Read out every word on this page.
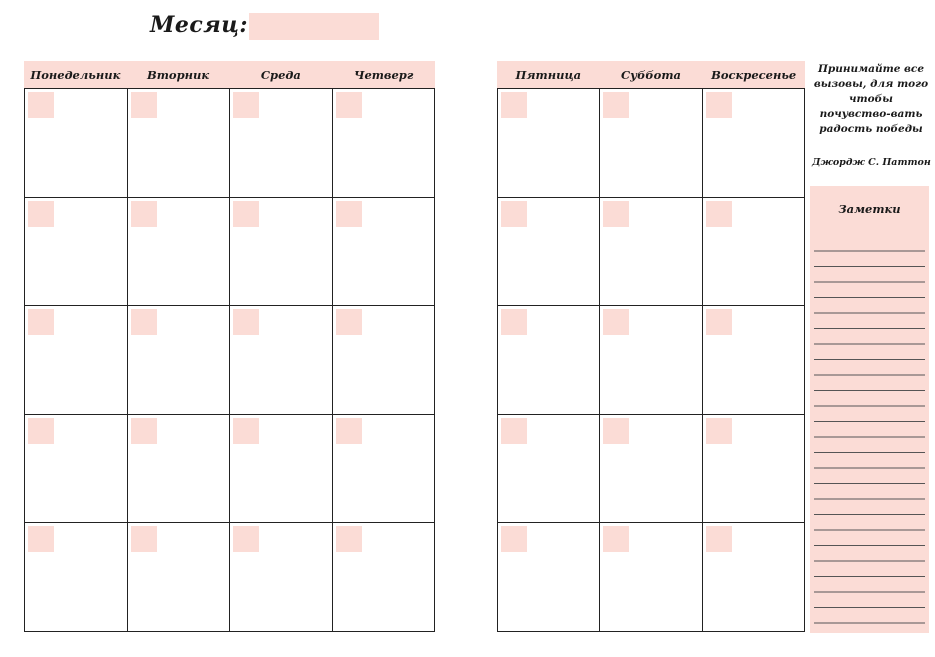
Месяц:
Понедельник	Вторник	Среда	Четверг	Пятница	Суббота	Воскресенье	Принимайте все вызовы, для того чтобы почувство-вать радость победы
Джордж С. Паттон
Заметки
